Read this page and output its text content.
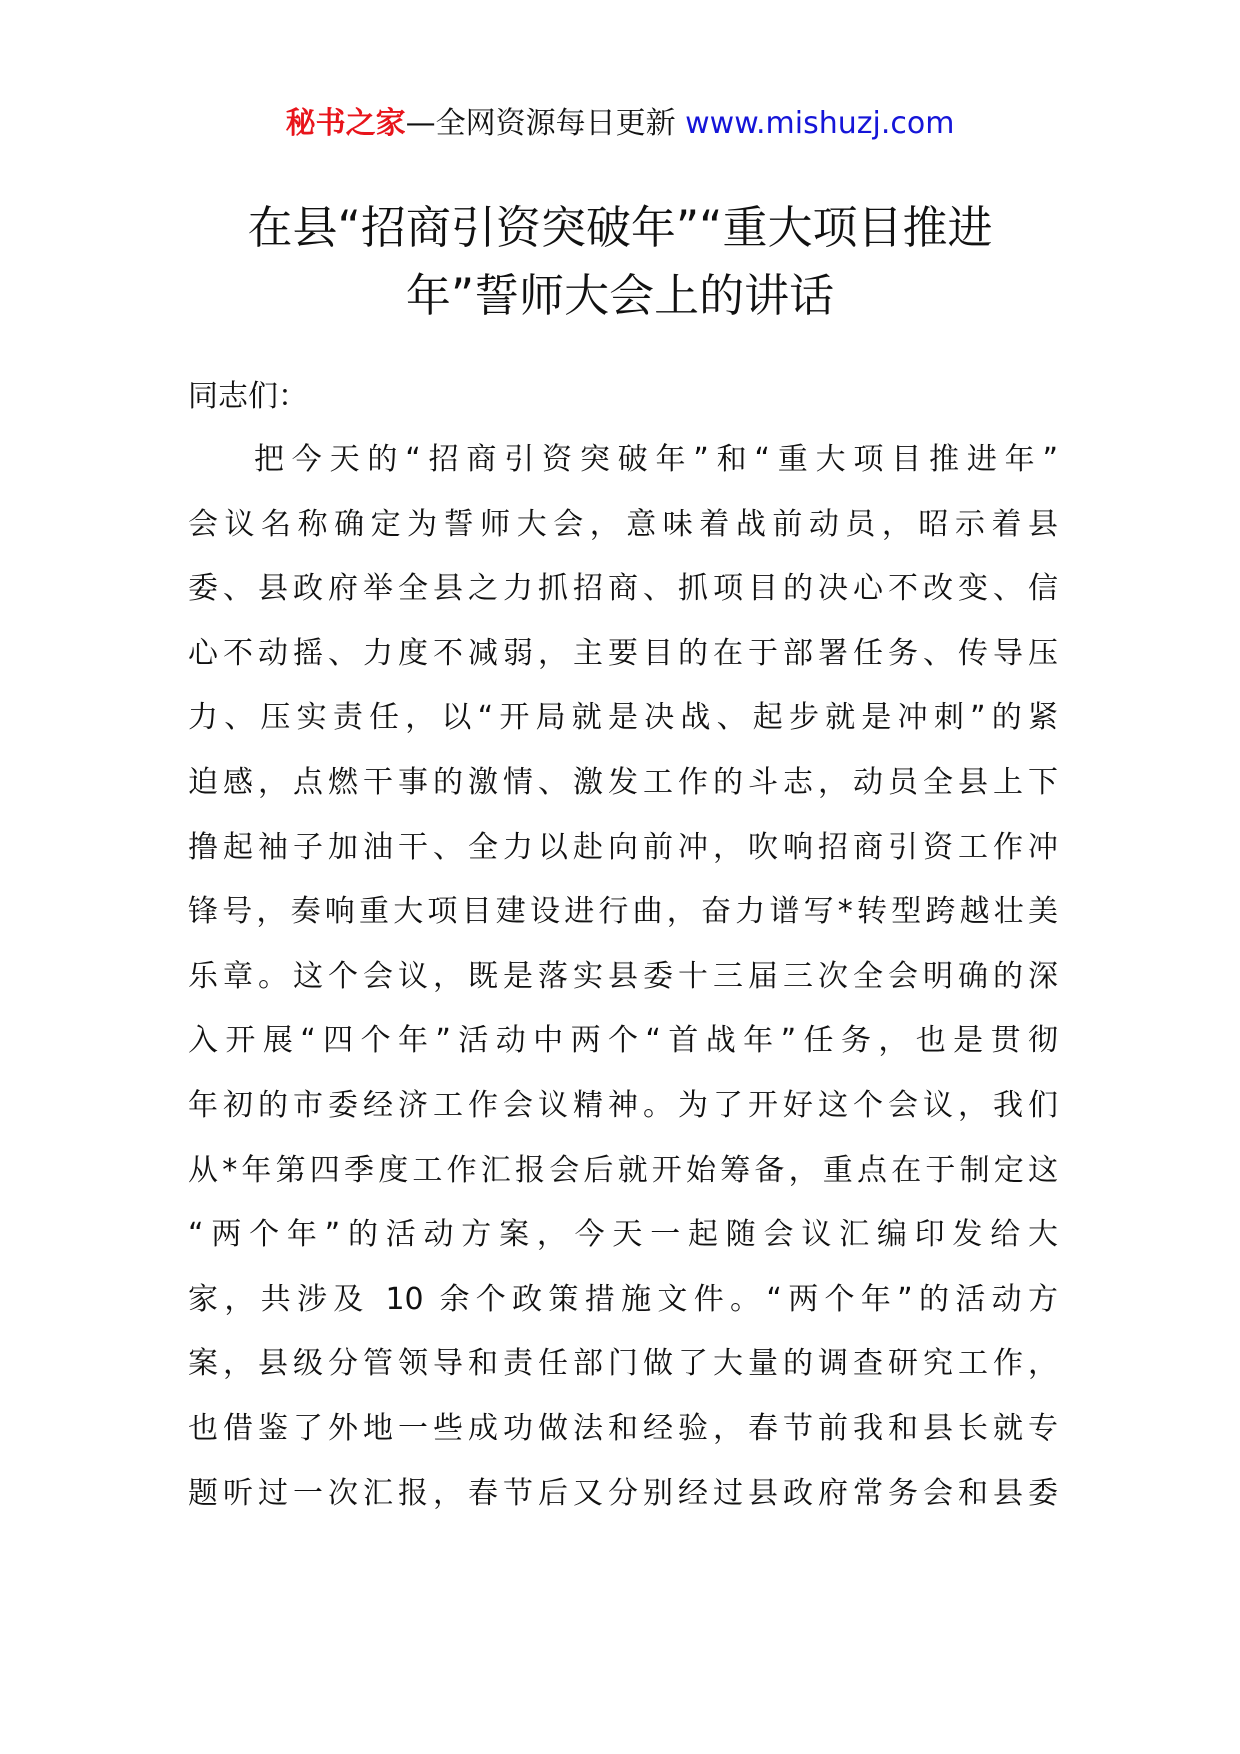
秘书之家—全网资源每日更新 www.mishuzj.com
在县“招商引资突破年”“重大项目推进
年”誓师大会上的讲话

同志们：

把今天的“招商引资突破年”和“重大项目推进年”
会议名称确定为誓师大会，意味着战前动员，昭示着县
委、县政府举全县之力抓招商、抓项目的决心不改变、信
心不动摇、力度不减弱，主要目的在于部署任务、传导压
力、压实责任，以“开局就是决战、起步就是冲刺”的紧
迫感，点燃干事的激情、激发工作的斗志，动员全县上下
撸起袖子加油干、全力以赴向前冲，吹响招商引资工作冲
锋号，奏响重大项目建设进行曲，奋力谱写*转型跨越壮美
乐章。这个会议，既是落实县委十三届三次全会明确的深
入开展“四个年”活动中两个“首战年”任务，也是贯彻
年初的市委经济工作会议精神。为了开好这个会议，我们
从*年第四季度工作汇报会后就开始筹备，重点在于制定这
“两个年”的活动方案，今天一起随会议汇编印发给大
家，共涉及 10 余个政策措施文件。“两个年”的活动方
案，县级分管领导和责任部门做了大量的调查研究工作，
也借鉴了外地一些成功做法和经验，春节前我和县长就专
题听过一次汇报，春节后又分别经过县政府常务会和县委
